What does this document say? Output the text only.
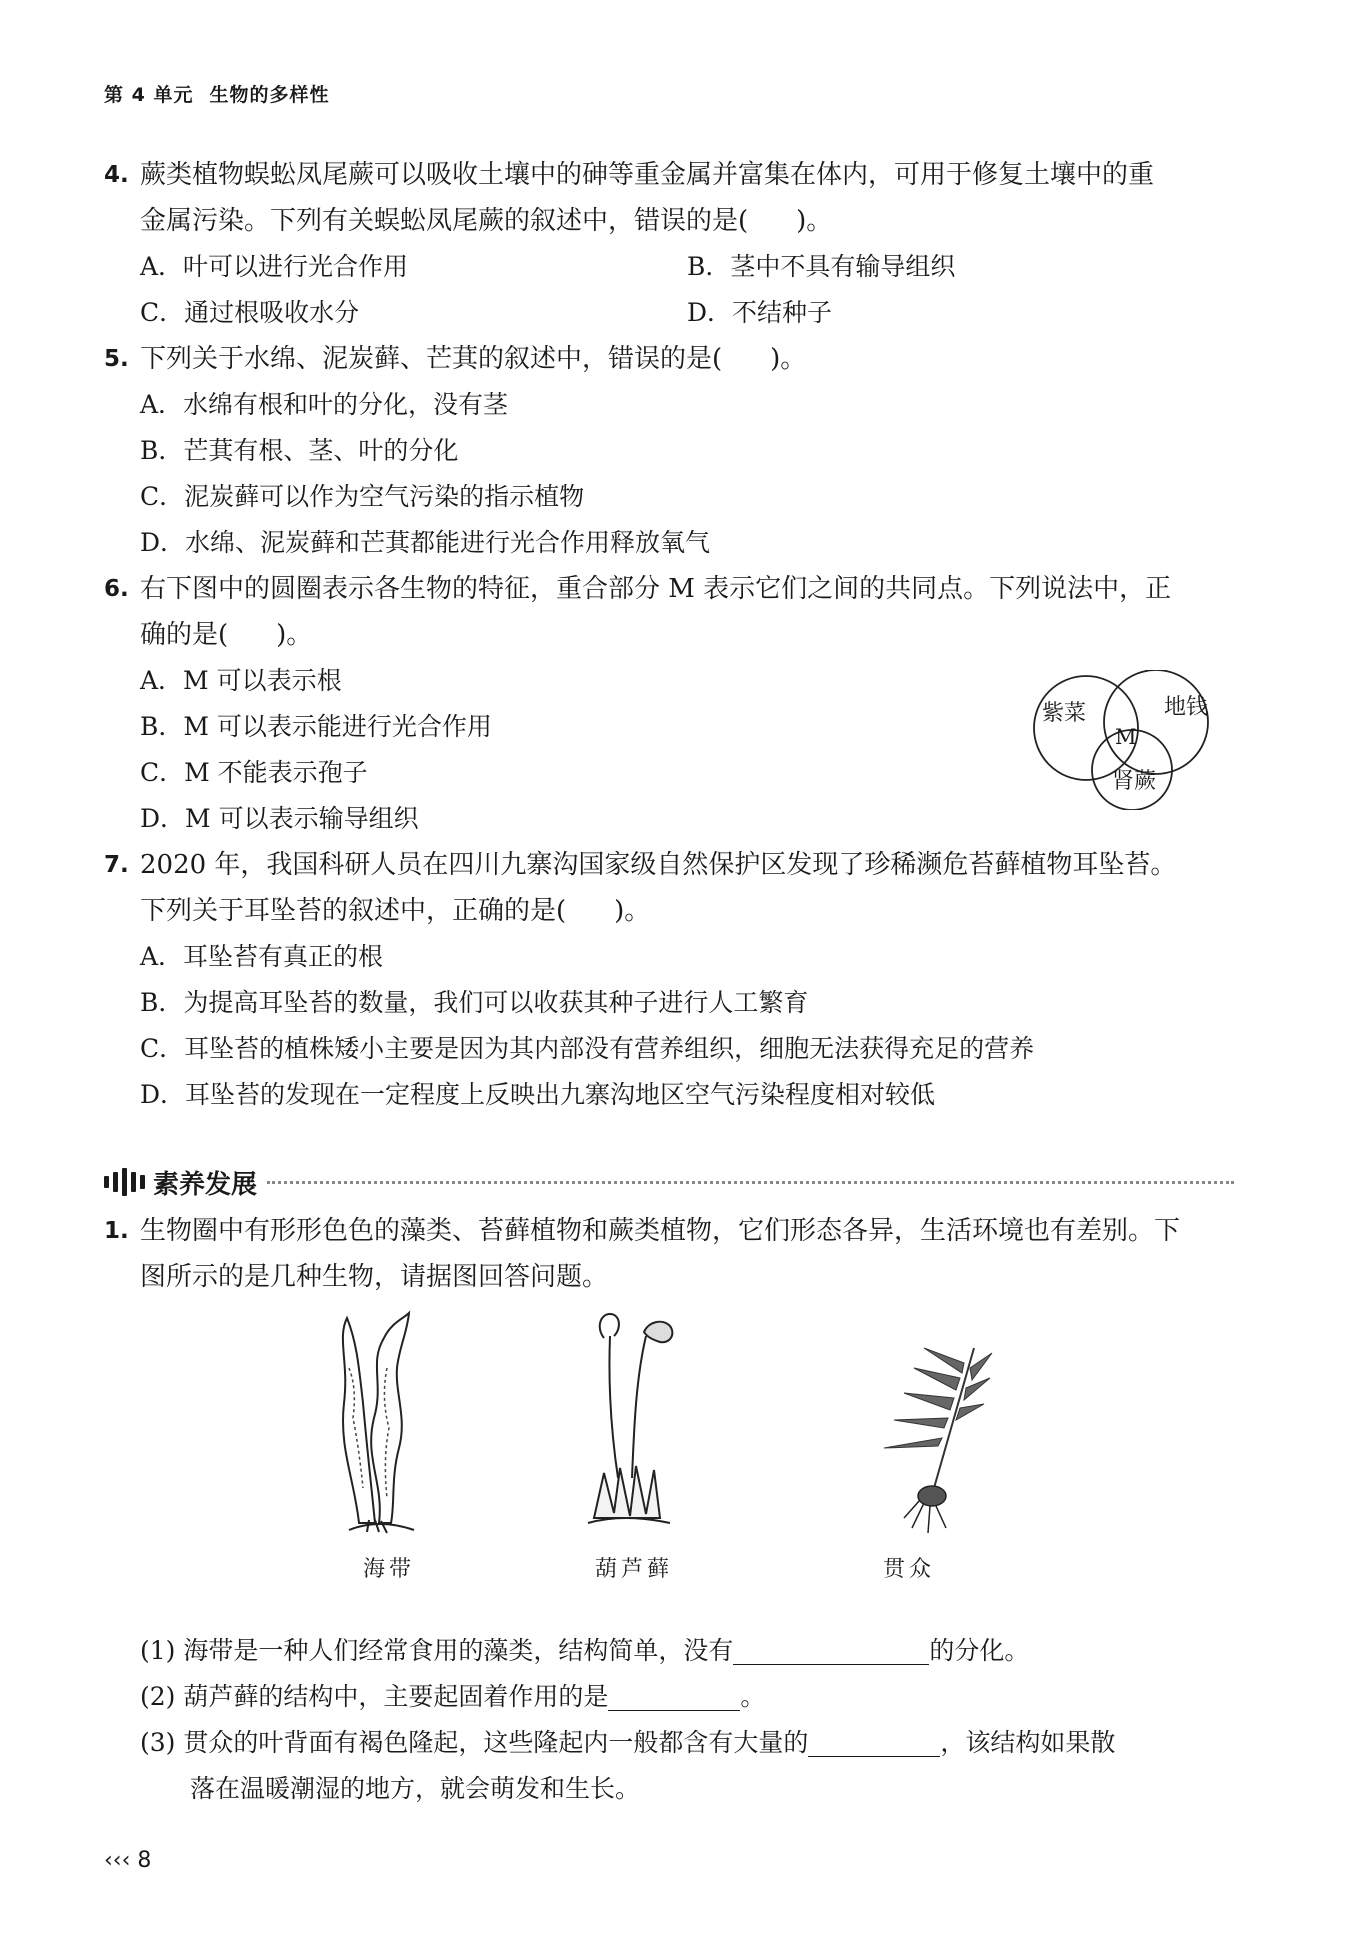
第 4 单元 生物的多样性
4. 蕨类植物蜈蚣凤尾蕨可以吸收土壤中的砷等重金属并富集在体内，可用于修复土壤中的重
金属污染。下列有关蜈蚣凤尾蕨的叙述中，错误的是( )。
A．叶可以进行光合作用	B．茎中不具有输导组织
C．通过根吸收水分	D．不结种子
5. 下列关于水绵、泥炭藓、芒萁的叙述中，错误的是( )。
A．水绵有根和叶的分化，没有茎
B．芒萁有根、茎、叶的分化
C．泥炭藓可以作为空气污染的指示植物
D．水绵、泥炭藓和芒萁都能进行光合作用释放氧气
6. 右下图中的圆圈表示各生物的特征，重合部分 M 表示它们之间的共同点。下列说法中，正
确的是( )。
A．M 可以表示根
B．M 可以表示能进行光合作用
C．M 不能表示孢子
D．M 可以表示输导组织
7. 2020 年，我国科研人员在四川九寨沟国家级自然保护区发现了珍稀濒危苔藓植物耳坠苔。
下列关于耳坠苔的叙述中，正确的是( )。
A．耳坠苔有真正的根
B．为提高耳坠苔的数量，我们可以收获其种子进行人工繁育
C．耳坠苔的植株矮小主要是因为其内部没有营养组织，细胞无法获得充足的营养
D．耳坠苔的发现在一定程度上反映出九寨沟地区空气污染程度相对较低
素养发展
1. 生物圈中有形形色色的藻类、苔藓植物和蕨类植物，它们形态各异，生活环境也有差别。下
图所示的是几种生物，请据图回答问题。
海带	葫芦藓	贯众
(1) 海带是一种人们经常食用的藻类，结构简单，没有	的分化。
(2) 葫芦藓的结构中，主要起固着作用的是	。
(3) 贯众的叶背面有褐色隆起，这些隆起内一般都含有大量的	，该结构如果散
落在温暖潮湿的地方，就会萌发和生长。
紫菜	地钱
肾蕨
M
‹‹‹ 8
